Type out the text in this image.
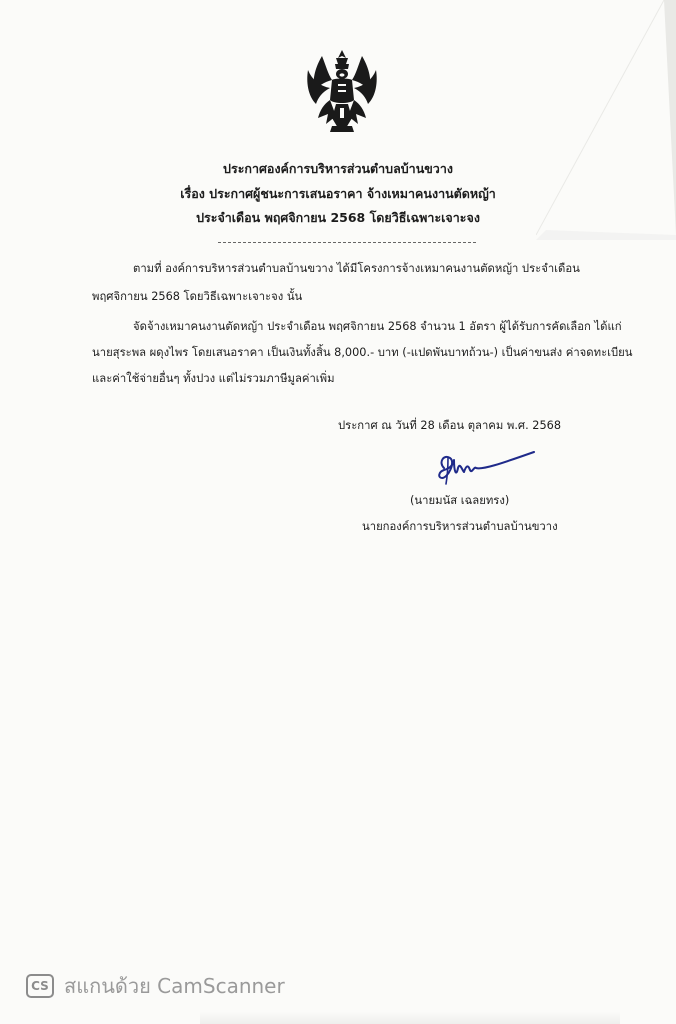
ประกาศองค์การบริหารส่วนตำบลบ้านขวาง
เรื่อง ประกาศผู้ชนะการเสนอราคา จ้างเหมาคนงานตัดหญ้า
ประจำเดือน พฤศจิกายน 2568 โดยวิธีเฉพาะเจาะจง
ตามที่ องค์การบริหารส่วนตำบลบ้านขวาง ได้มีโครงการจ้างเหมาคนงานตัดหญ้า ประจำเดือน
พฤศจิกายน 2568 โดยวิธีเฉพาะเจาะจง นั้น
จัดจ้างเหมาคนงานตัดหญ้า ประจำเดือน พฤศจิกายน 2568 จำนวน 1 อัตรา ผู้ได้รับการคัดเลือก ได้แก่
นายสุระพล ผดุงไพร โดยเสนอราคา เป็นเงินทั้งสิ้น 8,000.- บาท (-แปดพันบาทถ้วน-) เป็นค่าขนส่ง ค่าจดทะเบียน
และค่าใช้จ่ายอื่นๆ ทั้งปวง แต่ไม่รวมภาษีมูลค่าเพิ่ม
ประกาศ ณ วันที่ 28 เดือน ตุลาคม พ.ศ. 2568
(นายมนัส เฉลยทรง)
นายกองค์การบริหารส่วนตำบลบ้านขวาง
CS สแกนด้วย CamScanner
